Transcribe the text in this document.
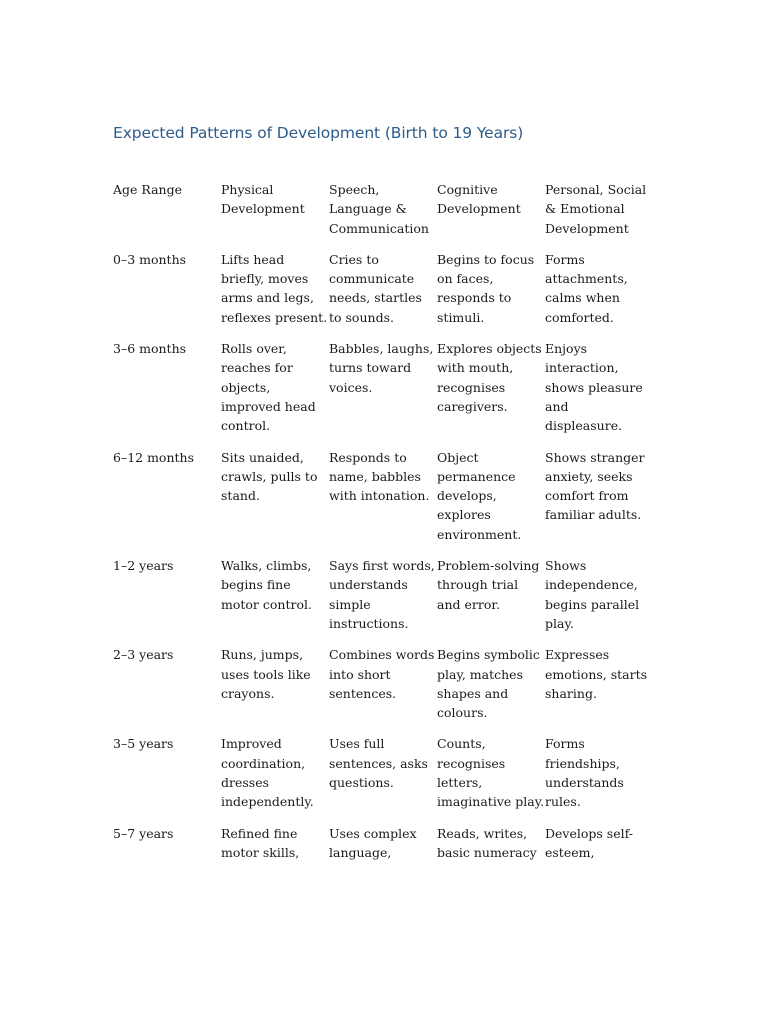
Expected Patterns of Development (Birth to 19 Years)
Age Range	Physical Development	Speech, Language & Communication	Cognitive Development	Personal, Social & Emotional Development
0–3 months	Lifts head briefly, moves arms and legs, reflexes present.	Cries to communicate needs, startles to sounds.	Begins to focus on faces, responds to stimuli.	Forms attachments, calms when comforted.
3–6 months	Rolls over, reaches for objects, improved head control.	Babbles, laughs, turns toward voices.	Explores objects with mouth, recognises caregivers.	Enjoys interaction, shows pleasure and displeasure.
6–12 months	Sits unaided, crawls, pulls to stand.	Responds to name, babbles with intonation.	Object permanence develops, explores environment.	Shows stranger anxiety, seeks comfort from familiar adults.
1–2 years	Walks, climbs, begins fine motor control.	Says first words, understands simple instructions.	Problem-solving through trial and error.	Shows independence, begins parallel play.
2–3 years	Runs, jumps, uses tools like crayons.	Combines words into short sentences.	Begins symbolic play, matches shapes and colours.	Expresses emotions, starts sharing.
3–5 years	Improved coordination, dresses independently.	Uses full sentences, asks questions.	Counts, recognises letters, imaginative play.	Forms friendships, understands rules.
5–7 years	Refined fine motor skills,	Uses complex language,	Reads, writes, basic numeracy	Develops self-esteem,
